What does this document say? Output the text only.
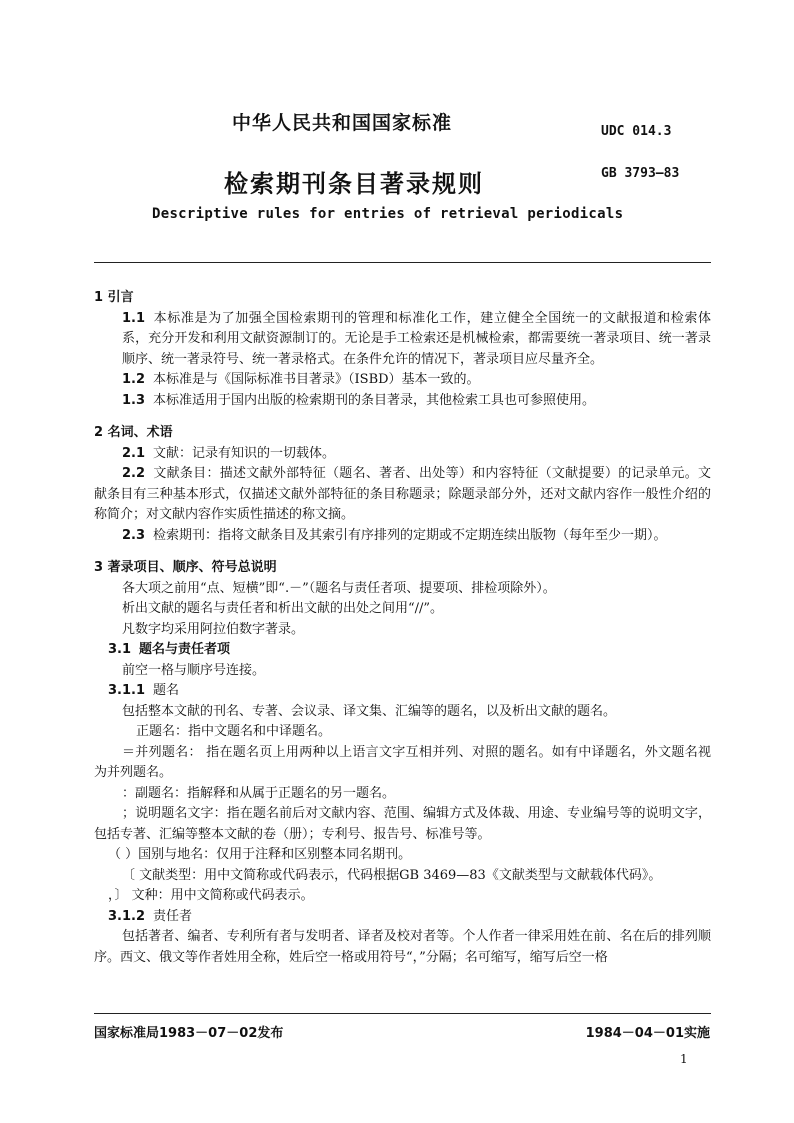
中华人民共和国国家标准	UDC 014.3
检索期刊条目著录规则	GB 3793—83
Descriptive rules for entries of retrieval periodicals
1 引言
1.1 本标准是为了加强全国检索期刊的管理和标准化工作，建立健全全国统一的文献报道和检索体系，充分开发和利用文献资源制订的。无论是手工检索还是机械检索，都需要统一著录项目、统一著录顺序、统一著录符号、统一著录格式。在条件允许的情况下，著录项目应尽量齐全。
1.2 本标准是与《国际标准书目著录》（ISBD）基本一致的。
1.3 本标准适用于国内出版的检索期刊的条目著录，其他检索工具也可参照使用。
2 名词、术语
2.1 文献：记录有知识的一切载体。
2.2 文献条目：描述文献外部特征（题名、著者、出处等）和内容特征（文献提要）的记录单元。文献条目有三种基本形式，仅描述文献外部特征的条目称题录；除题录部分外，还对文献内容作一般性介绍的称简介；对文献内容作实质性描述的称文摘。
2.3 检索期刊：指将文献条目及其索引有序排列的定期或不定期连续出版物（每年至少一期）。
3 著录项目、顺序、符号总说明
各大项之前用“点、短横”即“.－”（题名与责任者项、提要项、排检项除外）。
析出文献的题名与责任者和析出文献的出处之间用“//”。
凡数字均采用阿拉伯数字著录。
3.1 题名与责任者项
前空一格与顺序号连接。
3.1.1 题名
包括整本文献的刊名、专著、会议录、译文集、汇编等的题名，以及析出文献的题名。
正题名：指中文题名和中译题名。
＝并列题名： 指在题名页上用两种以上语言文字互相并列、对照的题名。如有中译题名，外文题名视为并列题名。
：副题名：指解释和从属于正题名的另一题名。
；说明题名文字：指在题名前后对文献内容、范围、编辑方式及体裁、用途、专业编号等的说明文字，包括专著、汇编等整本文献的卷（册）；专利号、报告号、标准号等。
（ ）国别与地名：仅用于注释和区别整本同名期刊。
〔 文献类型：用中文简称或代码表示，代码根据GB 3469—83《文献类型与文献载体代码》。
，〕 文种：用中文简称或代码表示。
3.1.2 责任者
包括著者、编者、专利所有者与发明者、译者及校对者等。个人作者一律采用姓在前、名在后的排列顺序。西文、俄文等作者姓用全称，姓后空一格或用符号“，”分隔；名可缩写，缩写后空一格
国家标准局1983－07－02发布	1984－04－01实施
1
